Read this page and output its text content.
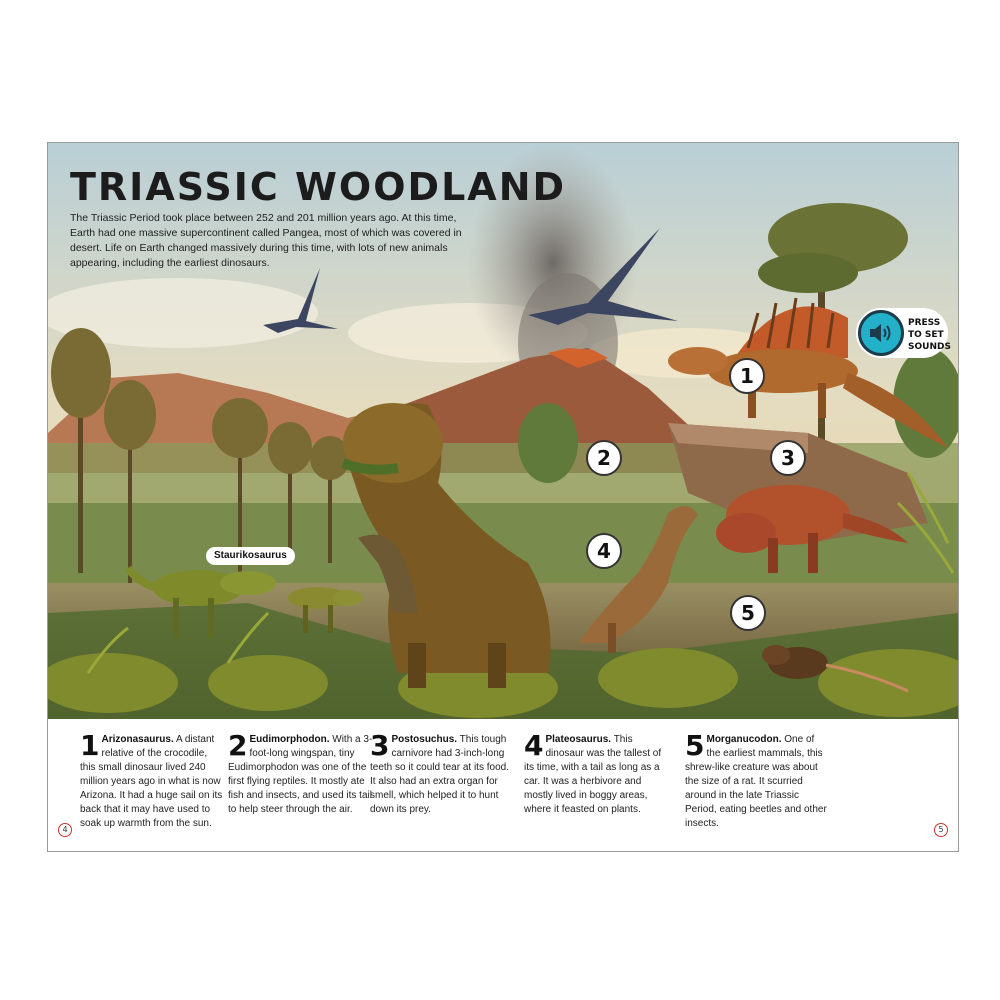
TRIASSIC WOODLAND

The Triassic Period took place between 252 and 201 million years ago. At this time, Earth had one massive supercontinent called Pangea, most of which was covered in desert. Life on Earth changed massively during this time, with lots of new animals appearing, including the earliest dinosaurs.

1
2	3
4
5
Staurikosaurus
PRESS TO SET SOUNDS
1 Arizonasaurus. A distant relative of the crocodile, this small dinosaur lived 240 million years ago in what is now Arizona. It had a huge sail on its back that it may have used to soak up warmth from the sun.
2 Eudimorphodon. With a 3-foot-long wingspan, tiny Eudimorphodon was one of the first flying reptiles. It mostly ate fish and insects, and used its tail to help steer through the air.
3 Postosuchus. This tough carnivore had 3-inch-long teeth so it could tear at its food. It also had an extra organ for smell, which helped it to hunt down its prey.
4 Plateosaurus. This dinosaur was the tallest of its time, with a tail as long as a car. It was a herbivore and mostly lived in boggy areas, where it feasted on plants.
5 Morganucodon. One of the earliest mammals, this shrew-like creature was about the size of a rat. It scurried around in the late Triassic Period, eating beetles and other insects.
4	5
